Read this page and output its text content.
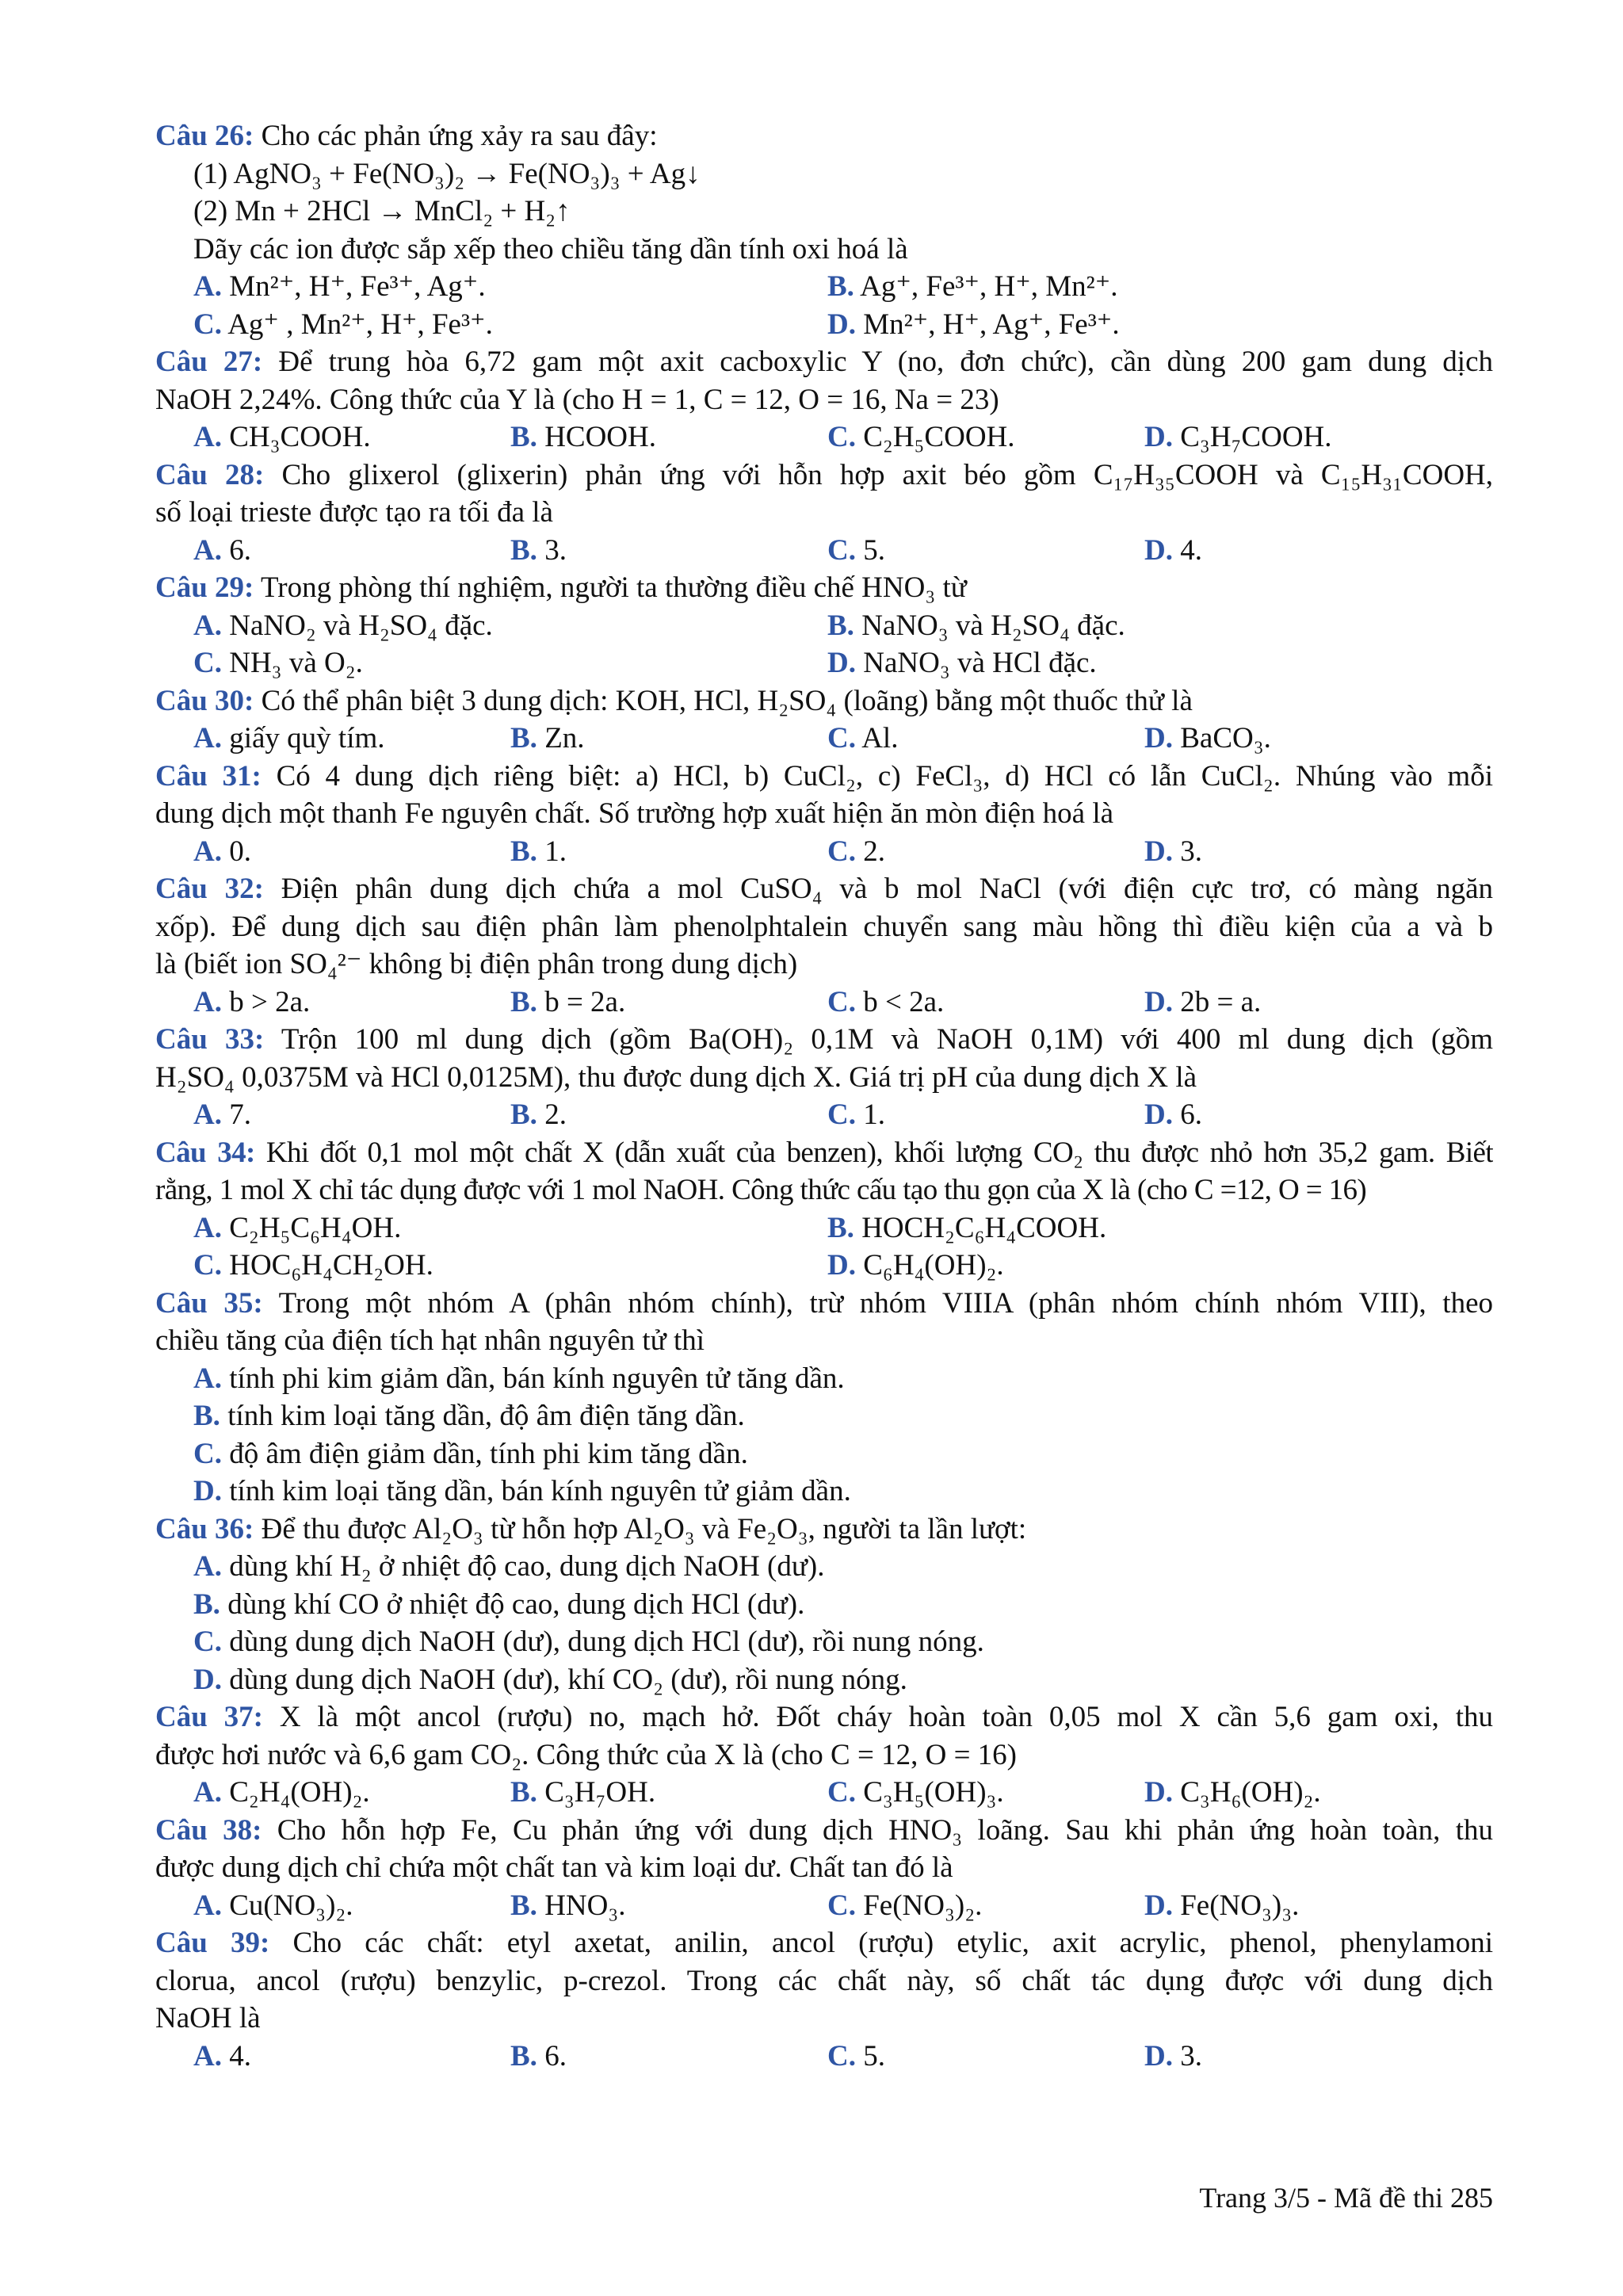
Câu 26: Cho các phản ứng xảy ra sau đây:
(1) AgNO₃ + Fe(NO₃)₂ → Fe(NO₃)₃ + Ag↓
(2) Mn + 2HCl → MnCl₂ + H₂↑
Dãy các ion được sắp xếp theo chiều tăng dần tính oxi hoá là
A. Mn²⁺, H⁺, Fe³⁺, Ag⁺.	B. Ag⁺, Fe³⁺, H⁺, Mn²⁺.
C. Ag⁺ , Mn²⁺, H⁺, Fe³⁺.	D. Mn²⁺, H⁺, Ag⁺, Fe³⁺.
Câu 27: Để trung hòa 6,72 gam một axit cacboxylic Y (no, đơn chức), cần dùng 200 gam dung dịch
NaOH 2,24%. Công thức của Y là (cho H = 1, C = 12, O = 16, Na = 23)
A. CH₃COOH.	B. HCOOH.	C. C₂H₅COOH.	D. C₃H₇COOH.
Câu 28: Cho glixerol (glixerin) phản ứng với hỗn hợp axit béo gồm C₁₇H₃₅COOH và C₁₅H₃₁COOH,
số loại trieste được tạo ra tối đa là
A. 6.	B. 3.	C. 5.	D. 4.
Câu 29: Trong phòng thí nghiệm, người ta thường điều chế HNO₃ từ
A. NaNO₂ và H₂SO₄ đặc.	B. NaNO₃ và H₂SO₄ đặc.
C. NH₃ và O₂.	D. NaNO₃ và HCl đặc.
Câu 30: Có thể phân biệt 3 dung dịch: KOH, HCl, H₂SO₄ (loãng) bằng một thuốc thử là
A. giấy quỳ tím.	B. Zn.	C. Al.	D. BaCO₃.
Câu 31: Có 4 dung dịch riêng biệt: a) HCl, b) CuCl₂, c) FeCl₃, d) HCl có lẫn CuCl₂. Nhúng vào mỗi
dung dịch một thanh Fe nguyên chất. Số trường hợp xuất hiện ăn mòn điện hoá là
A. 0.	B. 1.	C. 2.	D. 3.
Câu 32: Điện phân dung dịch chứa a mol CuSO₄ và b mol NaCl (với điện cực trơ, có màng ngăn
xốp). Để dung dịch sau điện phân làm phenolphtalein chuyển sang màu hồng thì điều kiện của a và b
là (biết ion SO₄²⁻ không bị điện phân trong dung dịch)
A. b > 2a.	B. b = 2a.	C. b < 2a.	D. 2b = a.
Câu 33: Trộn 100 ml dung dịch (gồm Ba(OH)₂ 0,1M và NaOH 0,1M) với 400 ml dung dịch (gồm
H₂SO₄ 0,0375M và HCl 0,0125M), thu được dung dịch X. Giá trị pH của dung dịch X là
A. 7.	B. 2.	C. 1.	D. 6.
Câu 34: Khi đốt 0,1 mol một chất X (dẫn xuất của benzen), khối lượng CO₂ thu được nhỏ hơn 35,2 gam. Biết
rằng, 1 mol X chỉ tác dụng được với 1 mol NaOH. Công thức cấu tạo thu gọn của X là (cho C =12, O = 16)
A. C₂H₅C₆H₄OH.	B. HOCH₂C₆H₄COOH.
C. HOC₆H₄CH₂OH.	D. C₆H₄(OH)₂.
Câu 35: Trong một nhóm A (phân nhóm chính), trừ nhóm VIIIA (phân nhóm chính nhóm VIII), theo
chiều tăng của điện tích hạt nhân nguyên tử thì
A. tính phi kim giảm dần, bán kính nguyên tử tăng dần.
B. tính kim loại tăng dần, độ âm điện tăng dần.
C. độ âm điện giảm dần, tính phi kim tăng dần.
D. tính kim loại tăng dần, bán kính nguyên tử giảm dần.
Câu 36: Để thu được Al₂O₃ từ hỗn hợp Al₂O₃ và Fe₂O₃, người ta lần lượt:
A. dùng khí H₂ ở nhiệt độ cao, dung dịch NaOH (dư).
B. dùng khí CO ở nhiệt độ cao, dung dịch HCl (dư).
C. dùng dung dịch NaOH (dư), dung dịch HCl (dư), rồi nung nóng.
D. dùng dung dịch NaOH (dư), khí CO₂ (dư), rồi nung nóng.
Câu 37: X là một ancol (rượu) no, mạch hở. Đốt cháy hoàn toàn 0,05 mol X cần 5,6 gam oxi, thu
được hơi nước và 6,6 gam CO₂. Công thức của X là (cho C = 12, O = 16)
A. C₂H₄(OH)₂.	B. C₃H₇OH.	C. C₃H₅(OH)₃.	D. C₃H₆(OH)₂.
Câu 38: Cho hỗn hợp Fe, Cu phản ứng với dung dịch HNO₃ loãng. Sau khi phản ứng hoàn toàn, thu
được dung dịch chỉ chứa một chất tan và kim loại dư. Chất tan đó là
A. Cu(NO₃)₂.	B. HNO₃.	C. Fe(NO₃)₂.	D. Fe(NO₃)₃.
Câu 39: Cho các chất: etyl axetat, anilin, ancol (rượu) etylic, axit acrylic, phenol, phenylamoni
clorua, ancol (rượu) benzylic, p-crezol. Trong các chất này, số chất tác dụng được với dung dịch
NaOH là
A. 4.	B. 6.	C. 5.	D. 3.
Trang 3/5 - Mã đề thi 285
